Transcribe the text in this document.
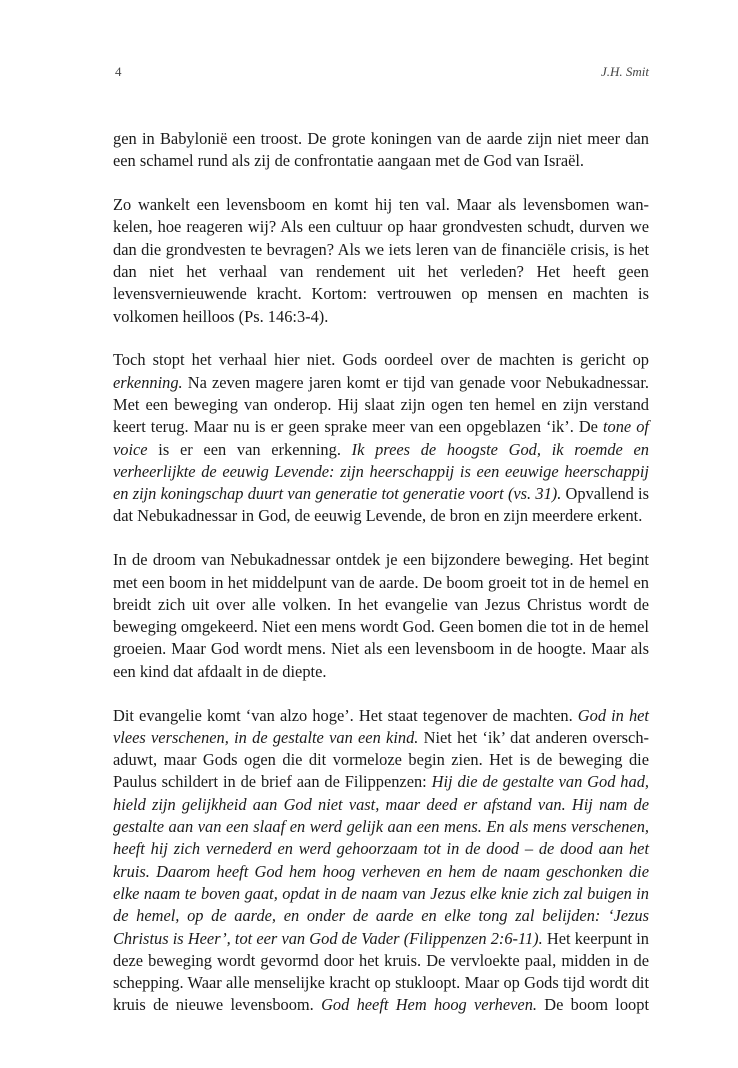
4	J.H. Smit

gen in Babylonië een troost. De grote koningen van de aarde zijn niet meer dan een schamel rund als zij de confrontatie aangaan met de God van Israël.

Zo wankelt een levensboom en komt hij ten val. Maar als levensbomen wankelen, hoe reageren wij? Als een cultuur op haar grondvesten schudt, durven we dan die grondvesten te bevragen? Als we iets leren van de financiële crisis, is het dan niet het verhaal van rendement uit het verleden? Het heeft geen levensvernieuwende kracht. Kortom: vertrouwen op mensen en machten is volkomen heilloos (Ps. 146:3-4).

Toch stopt het verhaal hier niet. Gods oordeel over de machten is gericht op erkenning. Na zeven magere jaren komt er tijd van genade voor Nebukadnessar. Met een beweging van onderop. Hij slaat zijn ogen ten hemel en zijn verstand keert terug. Maar nu is er geen sprake meer van een opgeblazen ‘ik’. De tone of voice is er een van erkenning. Ik prees de hoogste God, ik roemde en verheerlijkte de eeuwig Levende: zijn heerschappij is een eeuwige heerschappij en zijn koningschap duurt van generatie tot generatie voort (vs. 31). Opvallend is dat Nebukadnessar in God, de eeuwig Levende, de bron en zijn meerdere erkent.

In de droom van Nebukadnessar ontdek je een bijzondere beweging. Het begint met een boom in het middelpunt van de aarde. De boom groeit tot in de hemel en breidt zich uit over alle volken. In het evangelie van Jezus Christus wordt de beweging omgekeerd. Niet een mens wordt God. Geen bomen die tot in de hemel groeien. Maar God wordt mens. Niet als een levensboom in de hoogte. Maar als een kind dat afdaalt in de diepte.

Dit evangelie komt ‘van alzo hoge’. Het staat tegenover de machten. God in het vlees verschenen, in de gestalte van een kind. Niet het ‘ik’ dat anderen overschaduwt, maar Gods ogen die dit vormeloze begin zien. Het is de beweging die Paulus schildert in de brief aan de Filippenzen: Hij die de gestalte van God had, hield zijn gelijkheid aan God niet vast, maar deed er afstand van. Hij nam de gestalte aan van een slaaf en werd gelijk aan een mens. En als mens verschenen, heeft hij zich vernederd en werd gehoorzaam tot in de dood – de dood aan het kruis. Daarom heeft God hem hoog verheven en hem de naam geschonken die elke naam te boven gaat, opdat in de naam van Jezus elke knie zich zal buigen in de hemel, op de aarde, en onder de aarde en elke tong zal belijden: ‘Jezus Christus is Heer’, tot eer van God de Vader (Filippenzen 2:6-11). Het keerpunt in deze beweging wordt gevormd door het kruis. De vervloekte paal, midden in de schepping. Waar alle menselijke kracht op stukloopt. Maar op Gods tijd wordt dit kruis de nieuwe levensboom. God heeft Hem hoog verheven. De boom loopt
